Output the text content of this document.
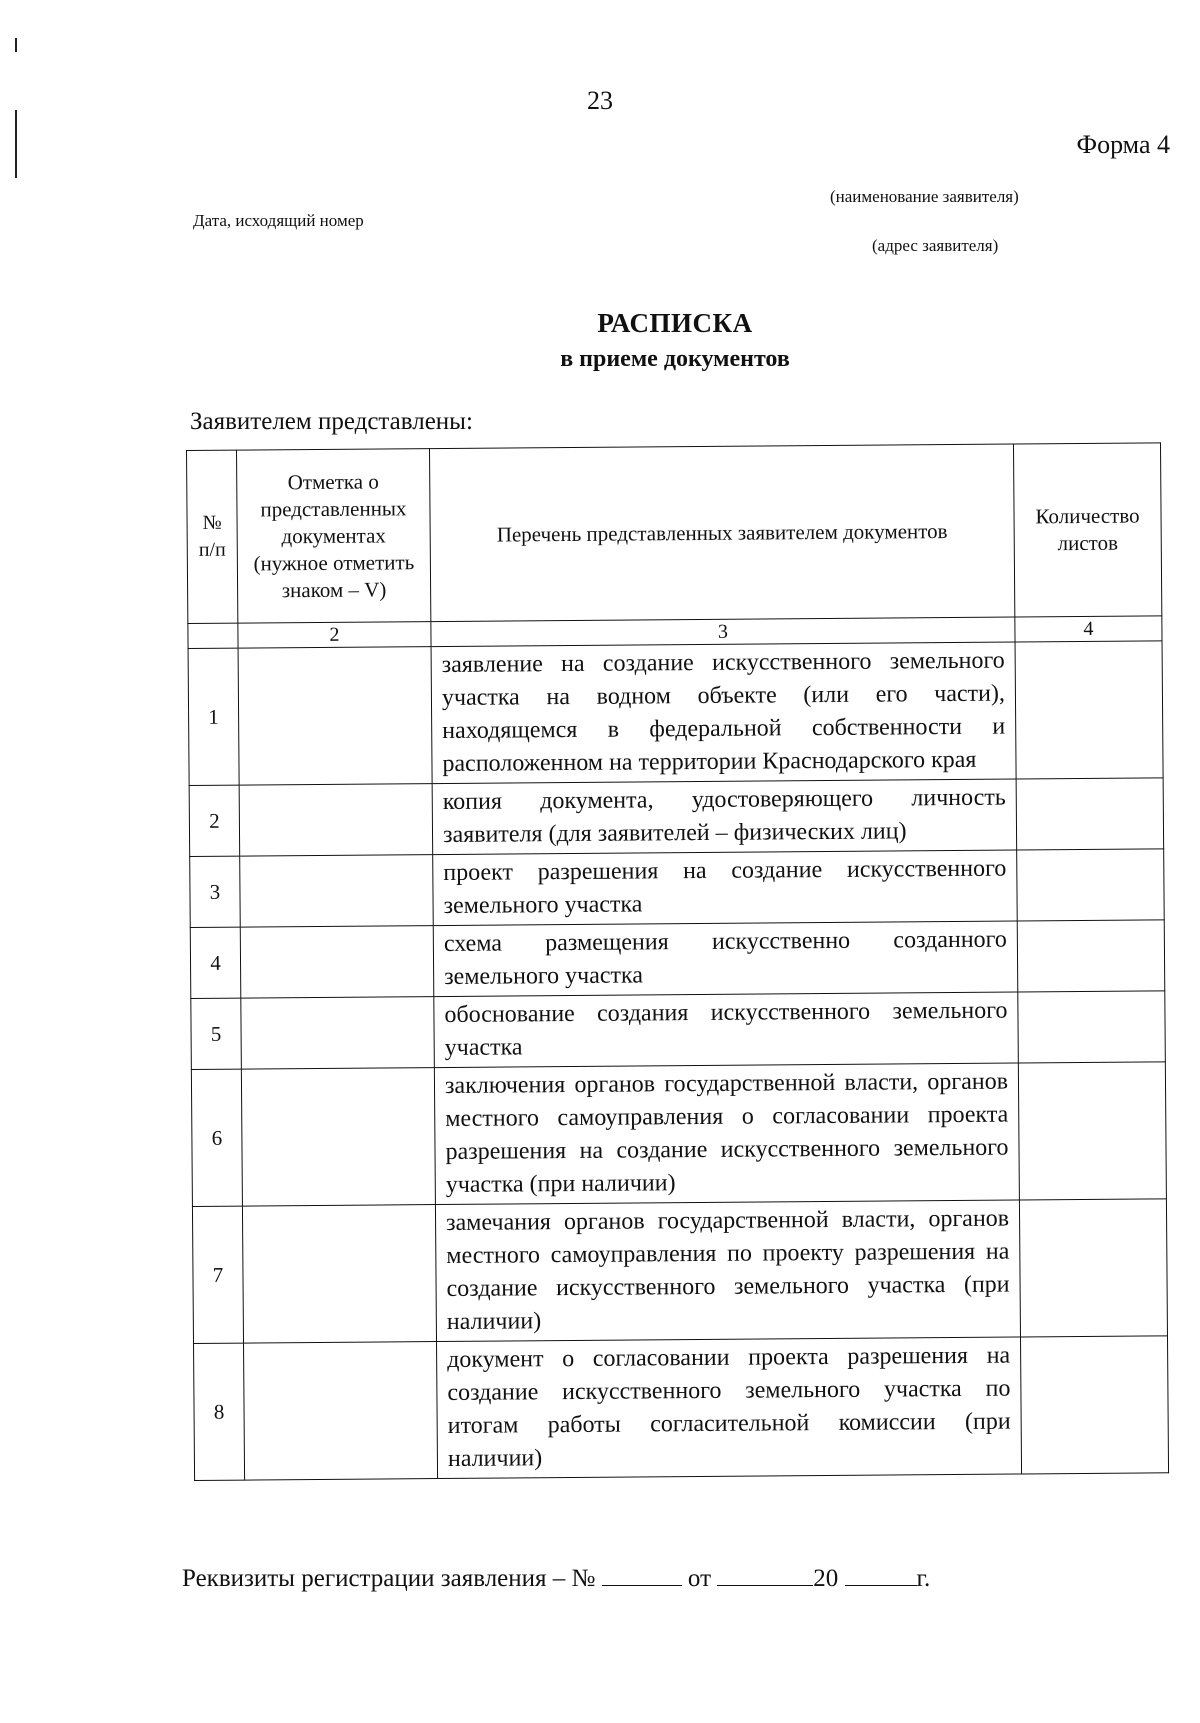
23
Форма 4
(наименование заявителя)
Дата, исходящий номер
(адрес заявителя)
РАСПИСКА
в приеме документов
Заявителем представлены:
№ п/п	Отметка о представленных документах (нужное отметить знаком – V)	Перечень представленных заявителем документов	Количество листов
	2	3	4
1		заявление на создание искусственного земельного участка на водном объекте (или его части), находящемся в федеральной собственности и расположенном на территории Краснодарского края	
2		копия документа, удостоверяющего личность заявителя (для заявителей – физических лиц)	
3		проект разрешения на создание искусственного земельного участка	
4		схема размещения искусственно созданного земельного участка	
5		обоснование создания искусственного земельного участка	
6		заключения органов государственной власти, органов местного самоуправления о согласовании проекта разрешения на создание искусственного земельного участка (при наличии)	
7		замечания органов государственной власти, органов местного самоуправления по проекту разрешения на создание искусственного земельного участка (при наличии)	
8		документ о согласовании проекта разрешения на создание искусственного земельного участка по итогам работы согласительной комиссии (при наличии)	
Реквизиты регистрации заявления – №	от	20	г.
